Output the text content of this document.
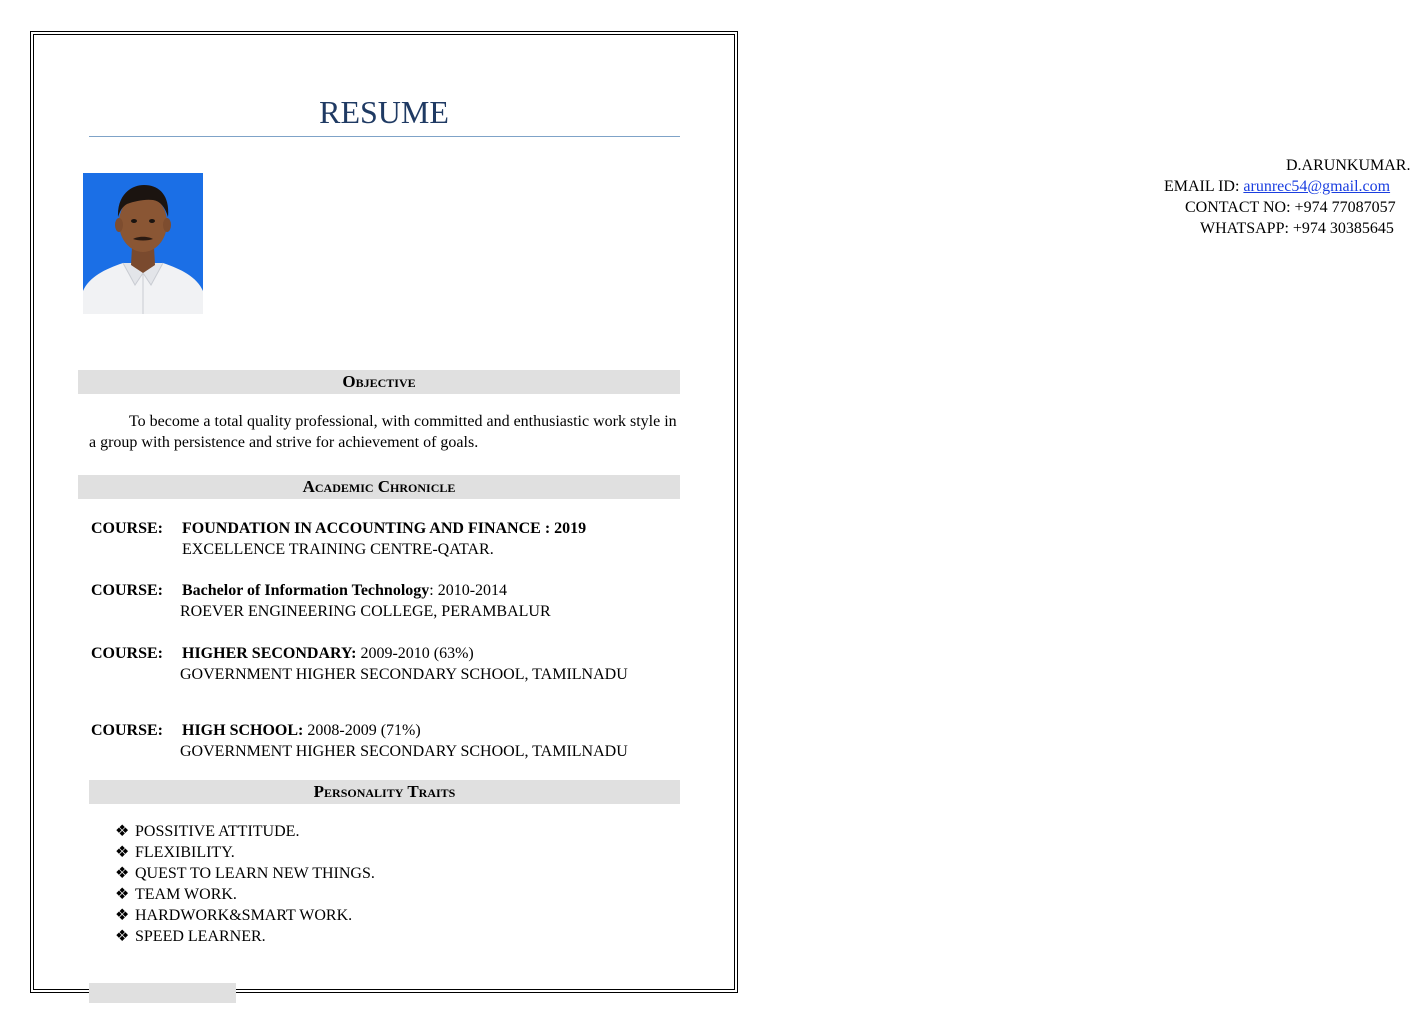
RESUME
D.ARUNKUMAR.
EMAIL ID: arunrec54@gmail.com
CONTACT NO: +974 77087057
WHATSAPP: +974 30385645
Objective
To become a total quality professional, with committed and enthusiastic work style in a group with persistence and strive for achievement of goals.
Academic Chronicle
COURSE: FOUNDATION IN ACCOUNTING AND FINANCE : 2019
EXCELLENCE TRAINING CENTRE-QATAR.
COURSE: Bachelor of Information Technology: 2010-2014
ROEVER ENGINEERING COLLEGE, PERAMBALUR
COURSE: HIGHER SECONDARY: 2009-2010 (63%)
GOVERNMENT HIGHER SECONDARY SCHOOL, TAMILNADU
COURSE: HIGH SCHOOL: 2008-2009 (71%)
GOVERNMENT HIGHER SECONDARY SCHOOL, TAMILNADU
Personality Traits
❖ POSSITIVE ATTITUDE.
❖ FLEXIBILITY.
❖ QUEST TO LEARN NEW THINGS.
❖ TEAM WORK.
❖ HARDWORK&SMART WORK.
❖ SPEED LEARNER.
